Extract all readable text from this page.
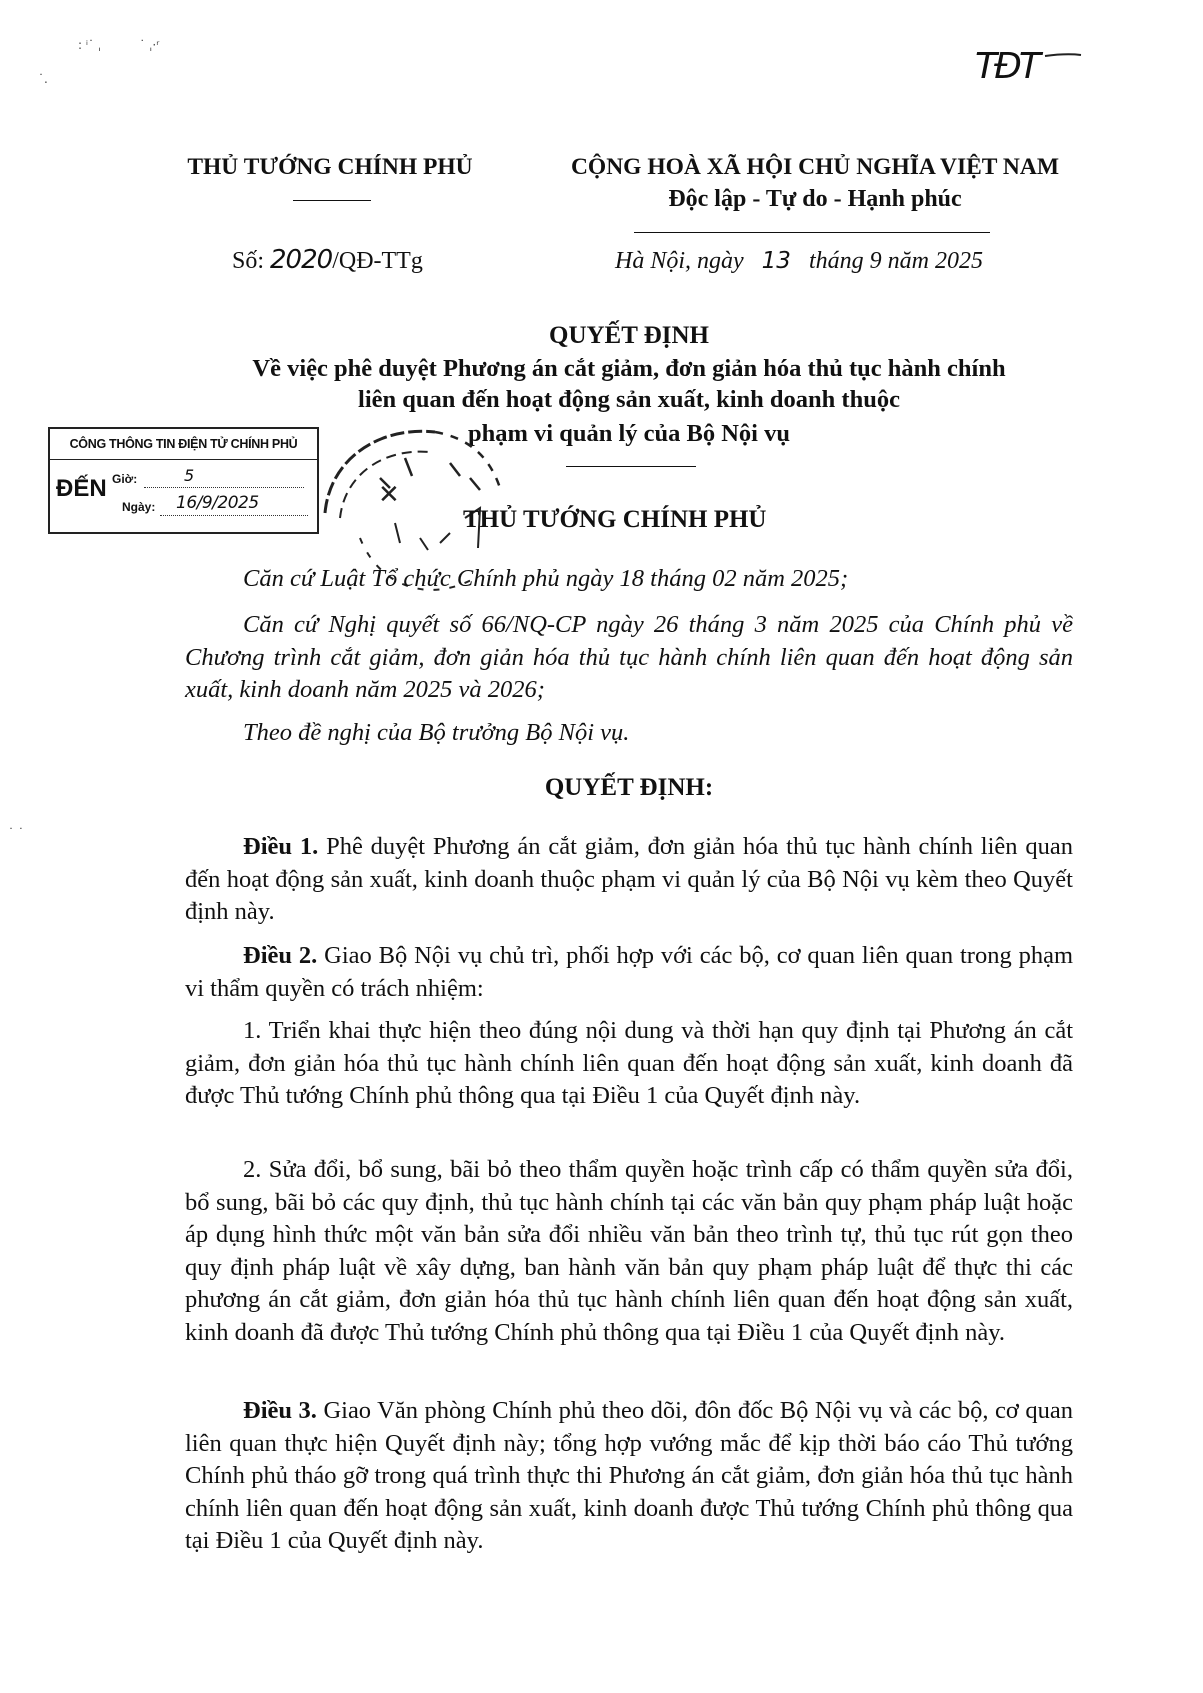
: ⁱ˙ ˌ          ˙ ˌ·ʳ
˙.
˙ ˙
TĐT
THỦ TƯỚNG CHÍNH PHỦ	CỘNG HOÀ XÃ HỘI CHỦ NGHĨA VIỆT NAM
Độc lập - Tự do - Hạnh phúc
Số: 2020/QĐ-TTg	Hà Nội, ngày 13 tháng 9 năm 2025
QUYẾT ĐỊNH
Về việc phê duyệt Phương án cắt giảm, đơn giản hóa thủ tục hành chính
liên quan đến hoạt động sản xuất, kinh doanh thuộc
phạm vi quản lý của Bộ Nội vụ
✕
CÔNG THÔNG TIN ĐIỆN TỬ CHÍNH PHỦ
ĐẾN Giờ:	5
Ngày: 16/9/2025
THỦ TƯỚNG CHÍNH PHỦ
Căn cứ Luật Tổ chức Chính phủ ngày 18 tháng 02 năm 2025;
Căn cứ Nghị quyết số 66/NQ-CP ngày 26 tháng 3 năm 2025 của Chính phủ về Chương trình cắt giảm, đơn giản hóa thủ tục hành chính liên quan đến hoạt động sản xuất, kinh doanh năm 2025 và 2026;
Theo đề nghị của Bộ trưởng Bộ Nội vụ.
QUYẾT ĐỊNH:
Điều 1. Phê duyệt Phương án cắt giảm, đơn giản hóa thủ tục hành chính liên quan đến hoạt động sản xuất, kinh doanh thuộc phạm vi quản lý của Bộ Nội vụ kèm theo Quyết định này.
Điều 2. Giao Bộ Nội vụ chủ trì, phối hợp với các bộ, cơ quan liên quan trong phạm vi thẩm quyền có trách nhiệm:
1. Triển khai thực hiện theo đúng nội dung và thời hạn quy định tại Phương án cắt giảm, đơn giản hóa thủ tục hành chính liên quan đến hoạt động sản xuất, kinh doanh đã được Thủ tướng Chính phủ thông qua tại Điều 1 của Quyết định này.
2. Sửa đổi, bổ sung, bãi bỏ theo thẩm quyền hoặc trình cấp có thẩm quyền sửa đổi, bổ sung, bãi bỏ các quy định, thủ tục hành chính tại các văn bản quy phạm pháp luật hoặc áp dụng hình thức một văn bản sửa đổi nhiều văn bản theo trình tự, thủ tục rút gọn theo quy định pháp luật về xây dựng, ban hành văn bản quy phạm pháp luật để thực thi các phương án cắt giảm, đơn giản hóa thủ tục hành chính liên quan đến hoạt động sản xuất, kinh doanh đã được Thủ tướng Chính phủ thông qua tại Điều 1 của Quyết định này.
Điều 3. Giao Văn phòng Chính phủ theo dõi, đôn đốc Bộ Nội vụ và các bộ, cơ quan liên quan thực hiện Quyết định này; tổng hợp vướng mắc để kịp thời báo cáo Thủ tướng Chính phủ tháo gỡ trong quá trình thực thi Phương án cắt giảm, đơn giản hóa thủ tục hành chính liên quan đến hoạt động sản xuất, kinh doanh được Thủ tướng Chính phủ thông qua tại Điều 1 của Quyết định này.
